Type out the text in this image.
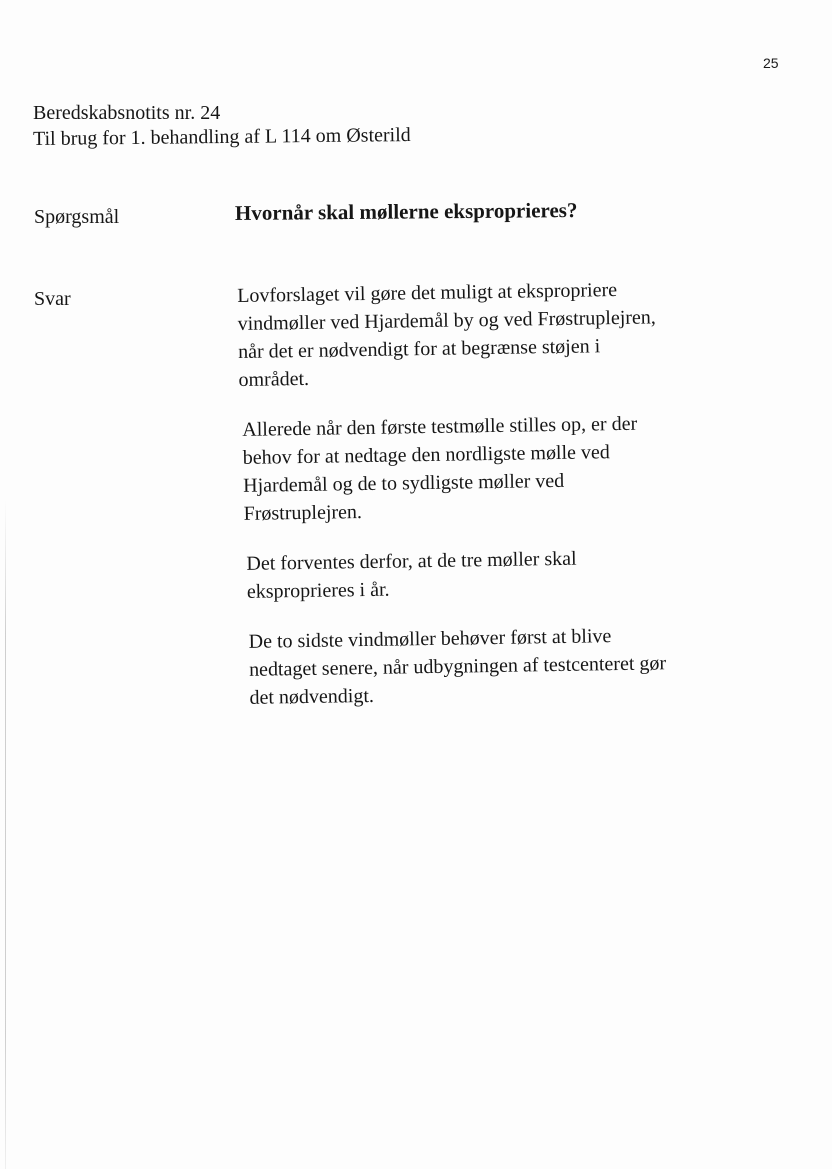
25
Beredskabsnotits nr. 24
Til brug for 1. behandling af L 114 om Østerild
Spørgsmål	Hvornår skal møllerne eksproprieres?
Svar	Lovforslaget vil gøre det muligt at ekspropriere
vindmøller ved Hjardemål by og ved Frøstruplejren,
når det er nødvendigt for at begrænse støjen i
området.

Allerede når den første testmølle stilles op, er der
behov for at nedtage den nordligste mølle ved
Hjardemål og de to sydligste møller ved
Frøstruplejren.

Det forventes derfor, at de tre møller skal
eksproprieres i år.

De to sidste vindmøller behøver først at blive
nedtaget senere, når udbygningen af testcenteret gør
det nødvendigt.
